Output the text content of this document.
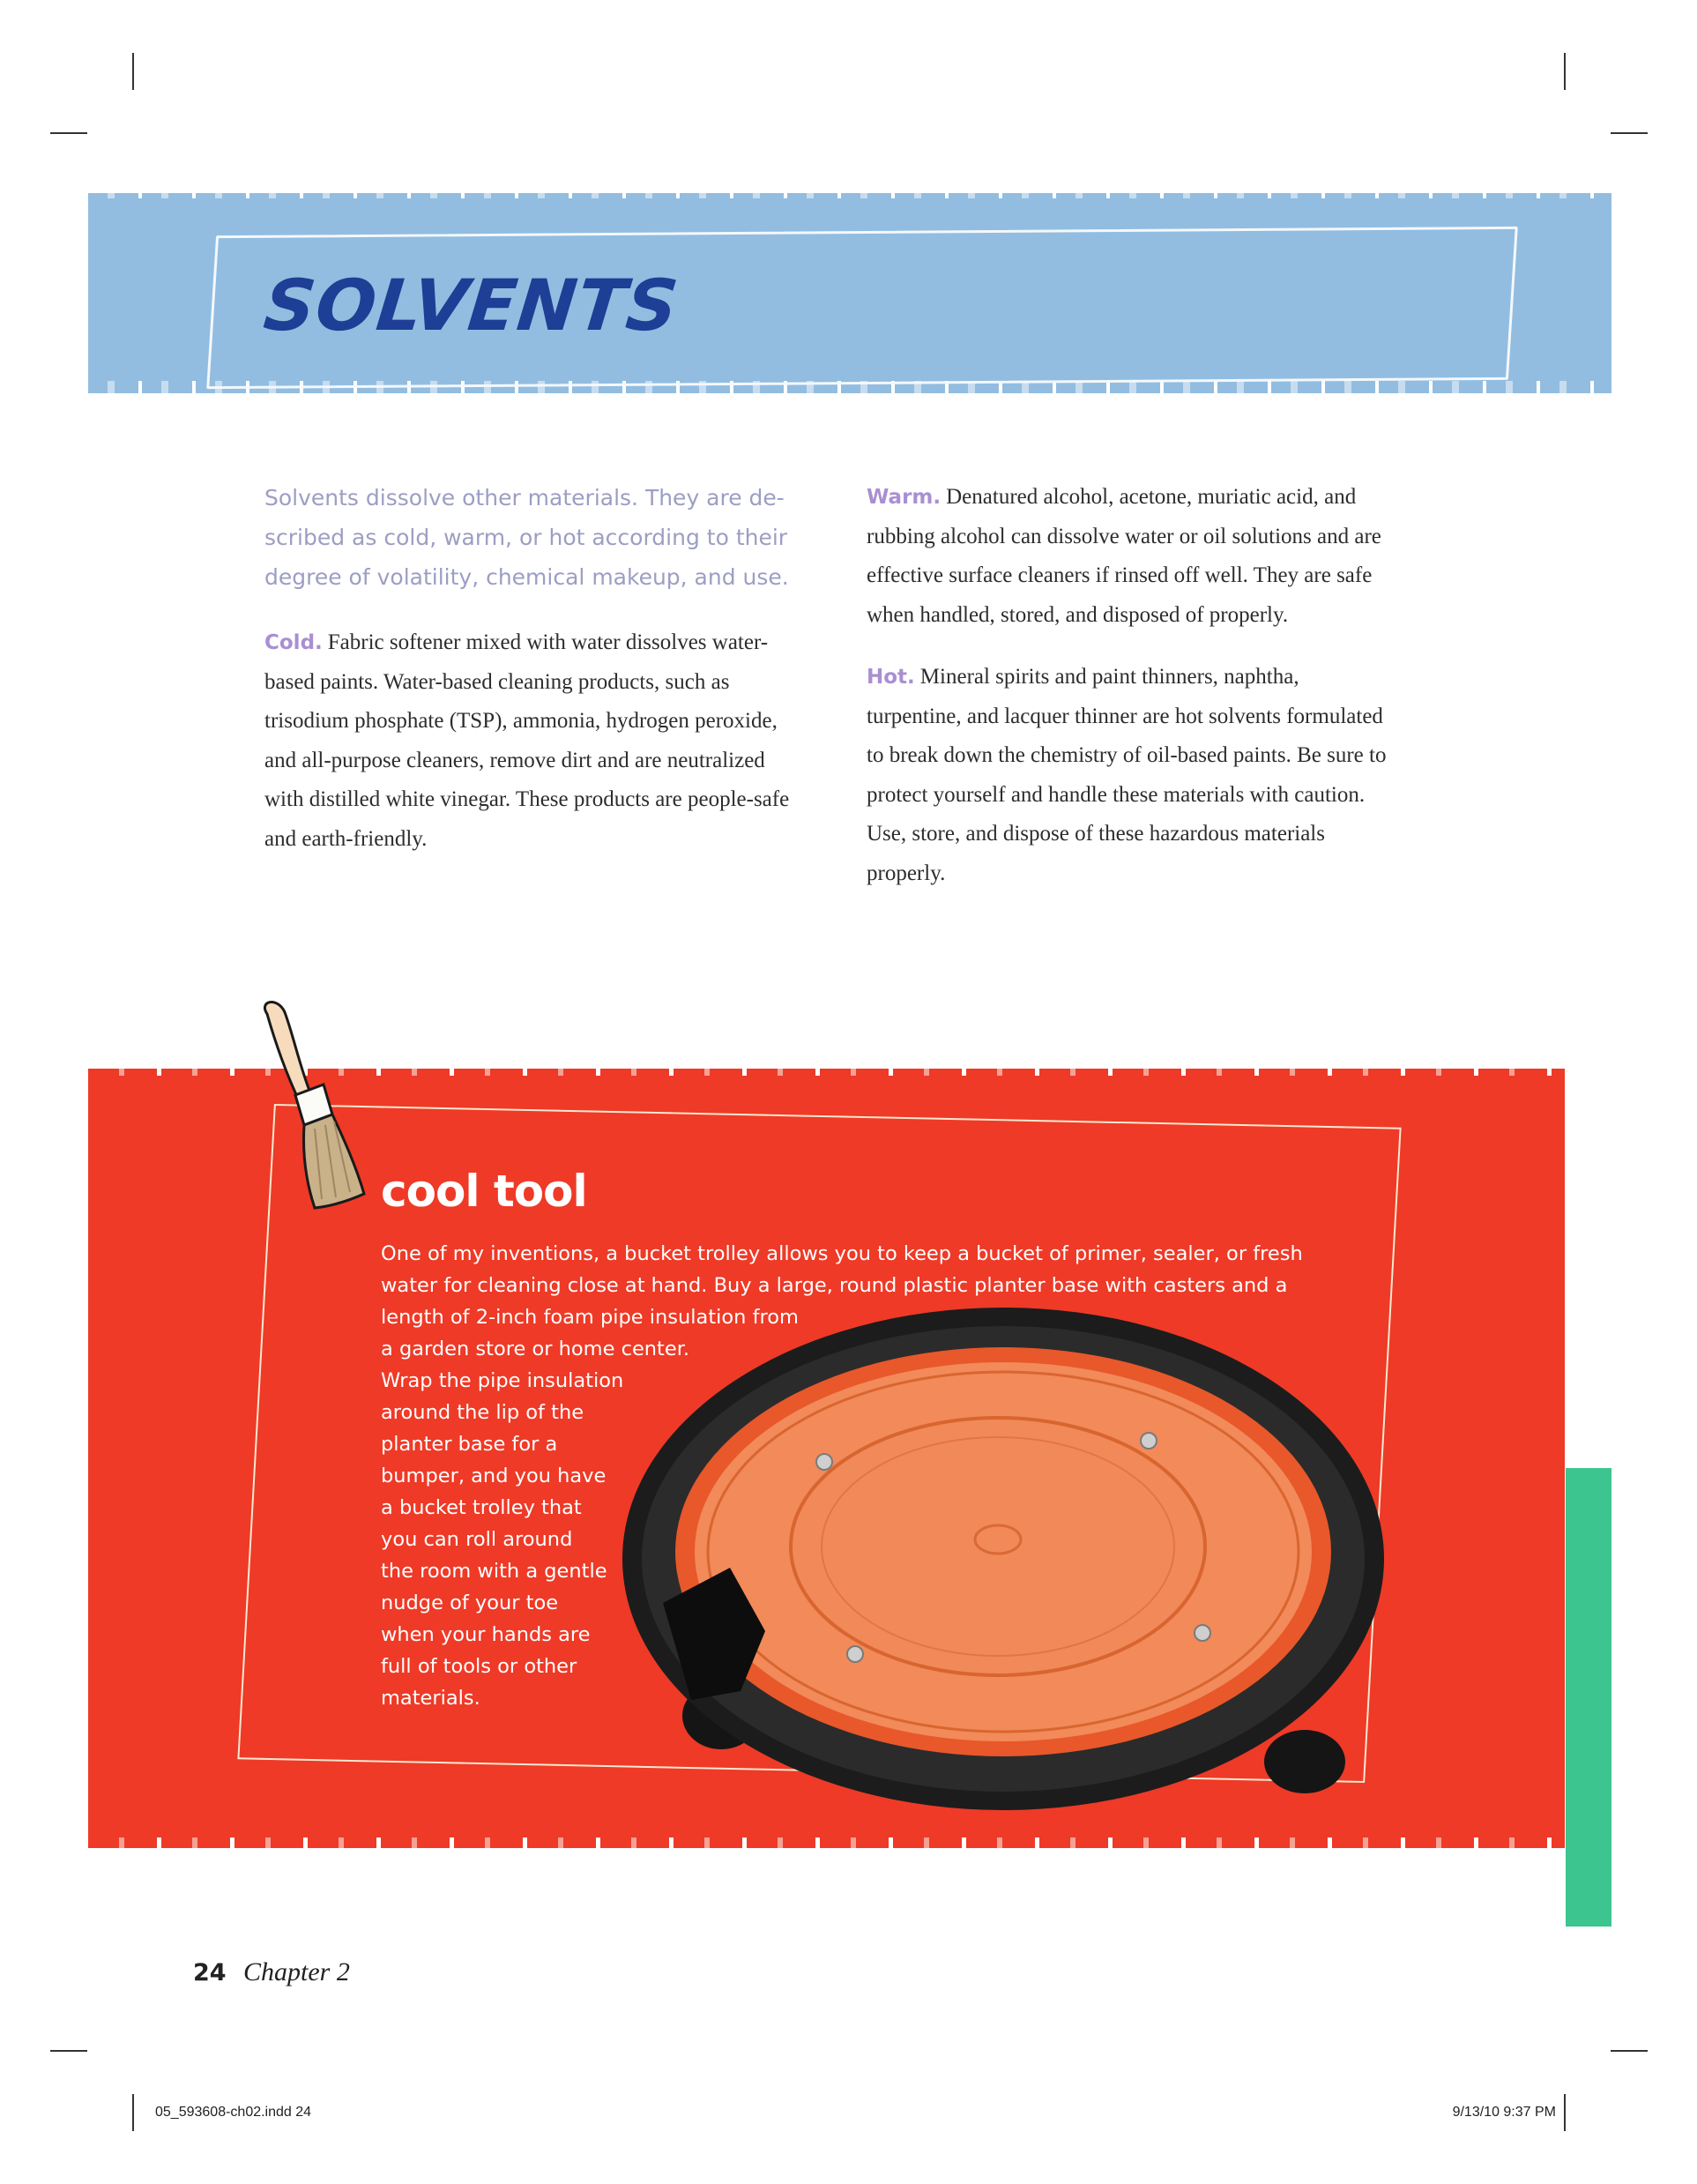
SOLVENTS

Solvents dissolve other materials. They are de-
scribed as cold, warm, or hot according to their
degree of volatility, chemical makeup, and use.

Cold. Fabric softener mixed with water dissolves water-
based paints. Water-based cleaning products, such as
trisodium phosphate (TSP), ammonia, hydrogen peroxide,
and all-purpose cleaners, remove dirt and are neutralized
with distilled white vinegar. These products are people-safe
and earth-friendly.

Warm. Denatured alcohol, acetone, muriatic acid, and
rubbing alcohol can dissolve water or oil solutions and are
effective surface cleaners if rinsed off well. They are safe
when handled, stored, and disposed of properly.

Hot. Mineral spirits and paint thinners, naphtha,
turpentine, and lacquer thinner are hot solvents formulated
to break down the chemistry of oil-based paints. Be sure to
protect yourself and handle these materials with caution.
Use, store, and dispose of these hazardous materials
properly.

cool tool

One of my inventions, a bucket trolley allows you to keep a bucket of primer, sealer, or fresh

water for cleaning close at hand. Buy a large, round plastic planter base with casters and a

length of 2-inch foam pipe insulation from

a garden store or home center.

Wrap the pipe insulation

around the lip of the

planter base for a

bumper, and you have

a bucket trolley that

you can roll around

the room with a gentle

nudge of your toe

when your hands are

full of tools or other

materials.

24 Chapter 2
05_593608-ch02.indd 24	9/13/10 9:37 PM
